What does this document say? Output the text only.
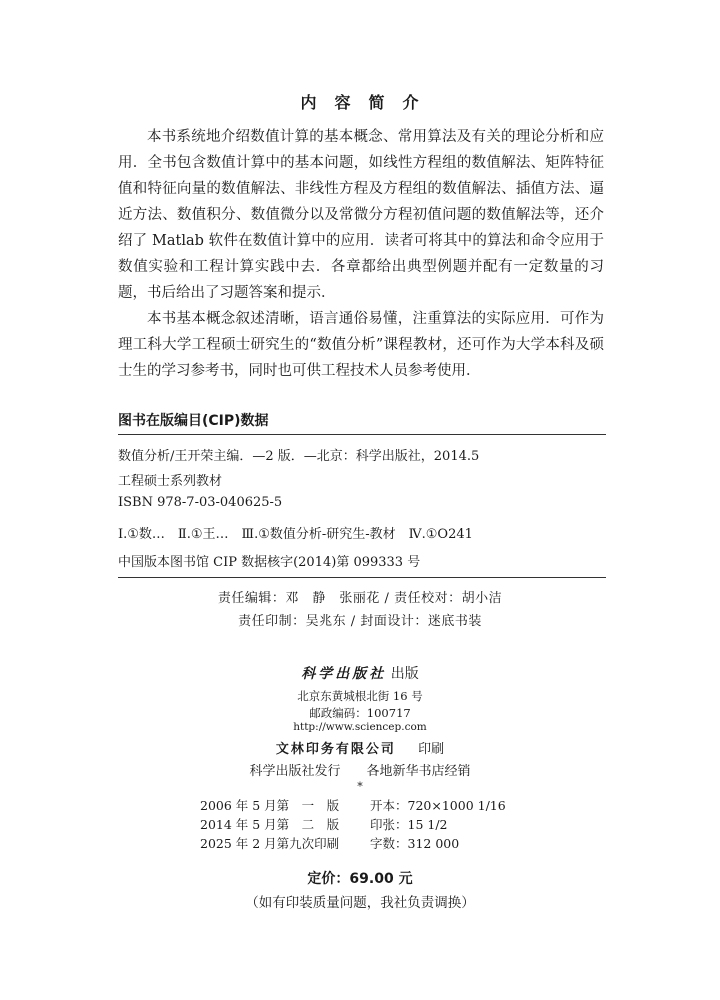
内　容　简　介

本书系统地介绍数值计算的基本概念、常用算法及有关的理论分析和应用．全书包含数值计算中的基本问题，如线性方程组的数值解法、矩阵特征值和特征向量的数值解法、非线性方程及方程组的数值解法、插值方法、逼近方法、数值积分、数值微分以及常微分方程初值问题的数值解法等，还介绍了 Matlab 软件在数值计算中的应用．读者可将其中的算法和命令应用于数值实验和工程计算实践中去．各章都给出典型例题并配有一定数量的习题，书后给出了习题答案和提示．

本书基本概念叙述清晰，语言通俗易懂，注重算法的实际应用．可作为理工科大学工程硕士研究生的“数值分析”课程教材，还可作为大学本科及硕士生的学习参考书，同时也可供工程技术人员参考使用．

图书在版编目(CIP)数据
数值分析/王开荣主编．—2 版．—北京：科学出版社，2014.5
工程硕士系列教材
ISBN 978-7-03-040625-5
Ⅰ.①数…　Ⅱ.①王…　Ⅲ.①数值分析-研究生-教材　Ⅳ.①O241
中国版本图书馆 CIP 数据核字(2014)第 099333 号
责任编辑：邓　静　张丽花 / 责任校对：胡小洁
责任印制：吴兆东 / 封面设计：迷底书装
科学出版社 出版
北京东黄城根北街 16 号
邮政编码：100717
http://www.sciencep.com
文林印务有限公司 印刷
科学出版社发行　　各地新华书店经销
*
2006 年 5 月第　一　版
2014 年 5 月第　二　版
2025 年 2 月第九次印刷
开本：720×1000 1/16
印张：15 1/2
字数：312 000
定价：69.00 元
（如有印装质量问题，我社负责调换）
